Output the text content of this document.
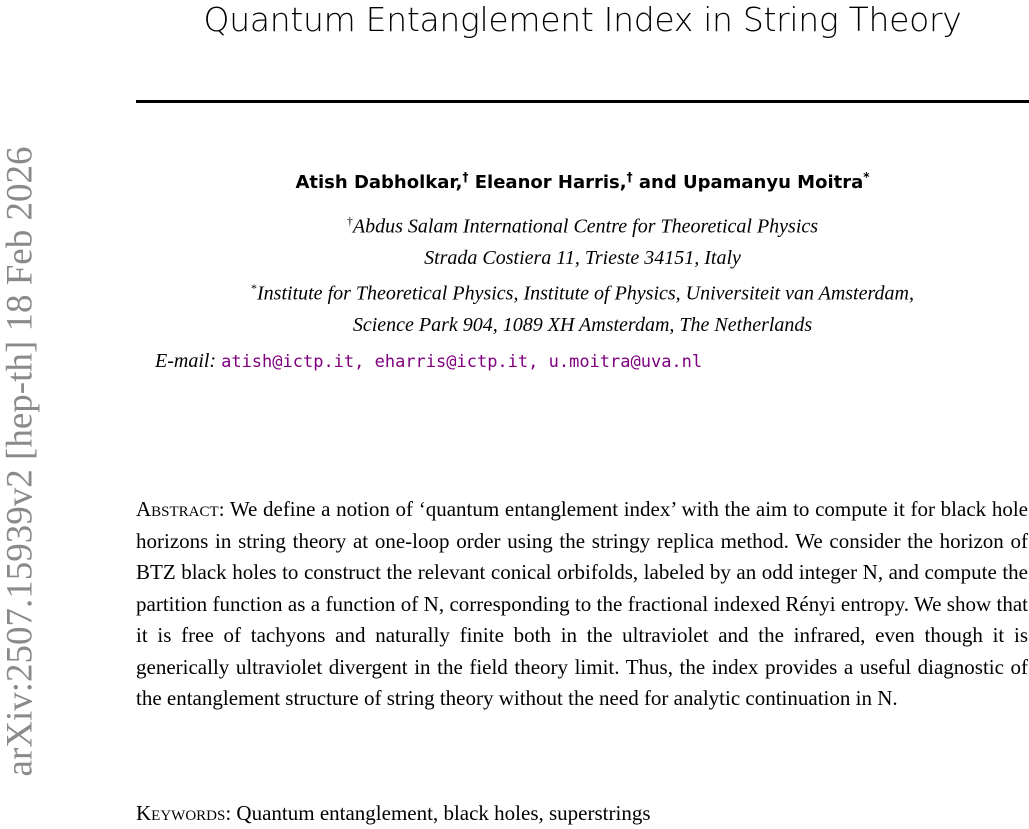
arXiv:2507.15939v2 [hep-th] 18 Feb 2026
Quantum Entanglement Index in String Theory
Atish Dabholkar,† Eleanor Harris,† and Upamanyu Moitra*
†Abdus Salam International Centre for Theoretical Physics
Strada Costiera 11, Trieste 34151, Italy
*Institute for Theoretical Physics, Institute of Physics, Universiteit van Amsterdam,
Science Park 904, 1089 XH Amsterdam, The Netherlands
E-mail: atish@ictp.it, eharris@ictp.it, u.moitra@uva.nl
Abstract: We define a notion of ‘quantum entanglement index’ with the aim to compute it for black hole horizons in string theory at one-loop order using the stringy replica method. We consider the horizon of BTZ black holes to construct the relevant conical orbifolds, labeled by an odd integer N, and compute the partition function as a function of N, corresponding to the fractional indexed Rényi entropy. We show that it is free of tachyons and naturally finite both in the ultraviolet and the infrared, even though it is generically ultraviolet divergent in the field theory limit. Thus, the index provides a useful diagnostic of the entanglement structure of string theory without the need for analytic continuation in N.
Keywords: Quantum entanglement, black holes, superstrings
